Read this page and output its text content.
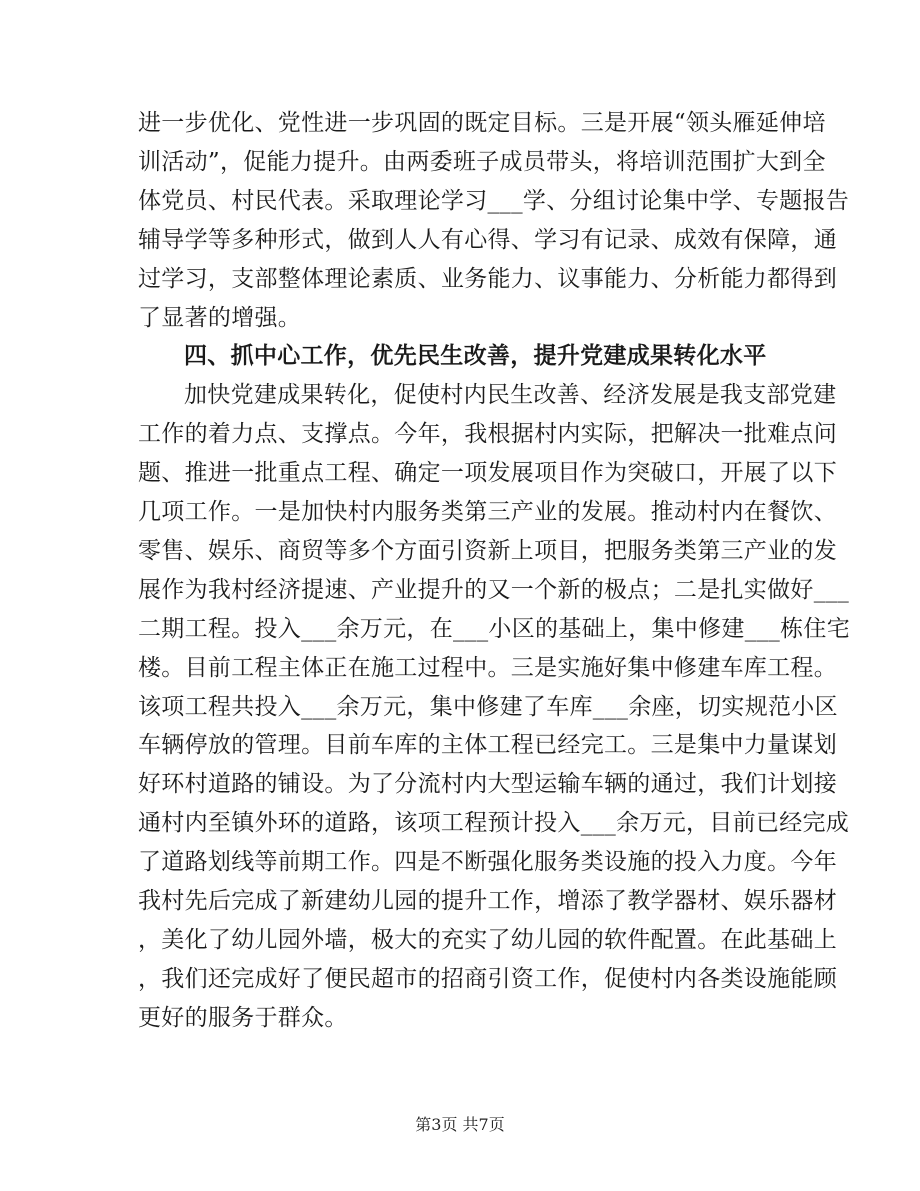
进一步优化、党性进一步巩固的既定目标。三是开展“领头雁延伸培
训活动”，促能力提升。由两委班子成员带头，将培训范围扩大到全
体党员、村民代表。采取理论学习___学、分组讨论集中学、专题报告
辅导学等多种形式，做到人人有心得、学习有记录、成效有保障，通
过学习，支部整体理论素质、业务能力、议事能力、分析能力都得到
了显著的增强。
四、抓中心工作，优先民生改善，提升党建成果转化水平
加快党建成果转化，促使村内民生改善、经济发展是我支部党建
工作的着力点、支撑点。今年，我根据村内实际，把解决一批难点问
题、推进一批重点工程、确定一项发展项目作为突破口，开展了以下
几项工作。一是加快村内服务类第三产业的发展。推动村内在餐饮、
零售、娱乐、商贸等多个方面引资新上项目，把服务类第三产业的发
展作为我村经济提速、产业提升的又一个新的极点；二是扎实做好___
二期工程。投入___余万元，在___小区的基础上，集中修建___栋住宅
楼。目前工程主体正在施工过程中。三是实施好集中修建车库工程。
该项工程共投入___余万元，集中修建了车库___余座，切实规范小区
车辆停放的管理。目前车库的主体工程已经完工。三是集中力量谋划
好环村道路的铺设。为了分流村内大型运输车辆的通过，我们计划接
通村内至镇外环的道路，该项工程预计投入___余万元，目前已经完成
了道路划线等前期工作。四是不断强化服务类设施的投入力度。今年
我村先后完成了新建幼儿园的提升工作，增添了教学器材、娱乐器材
，美化了幼儿园外墙，极大的充实了幼儿园的软件配置。在此基础上
，我们还完成好了便民超市的招商引资工作，促使村内各类设施能顾
更好的服务于群众。
第3页 共7页
